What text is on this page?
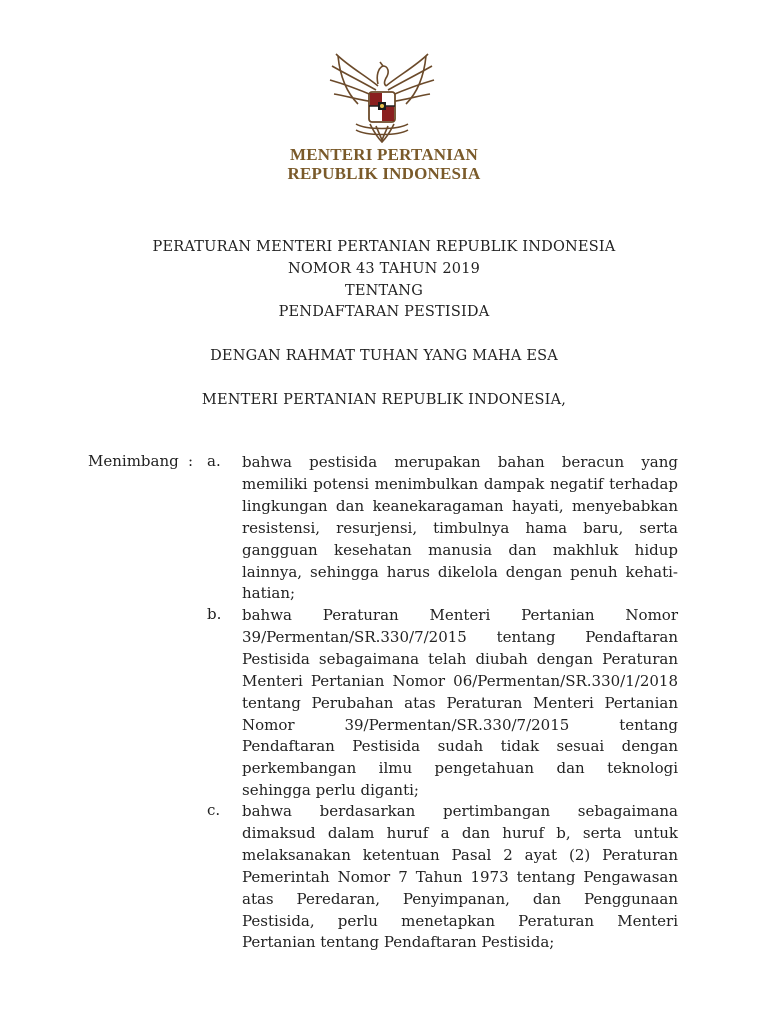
MENTERI PERTANIAN
REPUBLIK INDONESIA
PERATURAN MENTERI PERTANIAN REPUBLIK INDONESIA
NOMOR 43 TAHUN 2019
TENTANG
PENDAFTARAN PESTISIDA
DENGAN RAHMAT TUHAN YANG MAHA ESA
MENTERI PERTANIAN REPUBLIK INDONESIA,
Menimbang : a. bahwa pestisida merupakan bahan beracun yang memiliki potensi menimbulkan dampak negatif terhadap lingkungan dan keanekaragaman hayati, menyebabkan resistensi, resurjensi, timbulnya hama baru, serta gangguan kesehatan manusia dan makhluk hidup lainnya, sehingga harus dikelola dengan penuh kehati-hatian;
b. bahwa Peraturan Menteri Pertanian Nomor 39/Permentan/SR.330/7/2015 tentang Pendaftaran Pestisida sebagaimana telah diubah dengan Peraturan Menteri Pertanian Nomor 06/Permentan/SR.330/1/2018 tentang Perubahan atas Peraturan Menteri Pertanian Nomor 39/Permentan/SR.330/7/2015 tentang Pendaftaran Pestisida sudah tidak sesuai dengan perkembangan ilmu pengetahuan dan teknologi sehingga perlu diganti;
c. bahwa berdasarkan pertimbangan sebagaimana dimaksud dalam huruf a dan huruf b, serta untuk melaksanakan ketentuan Pasal 2 ayat (2) Peraturan Pemerintah Nomor 7 Tahun 1973 tentang Pengawasan atas Peredaran, Penyimpanan, dan Penggunaan Pestisida, perlu menetapkan Peraturan Menteri Pertanian tentang Pendaftaran Pestisida;
